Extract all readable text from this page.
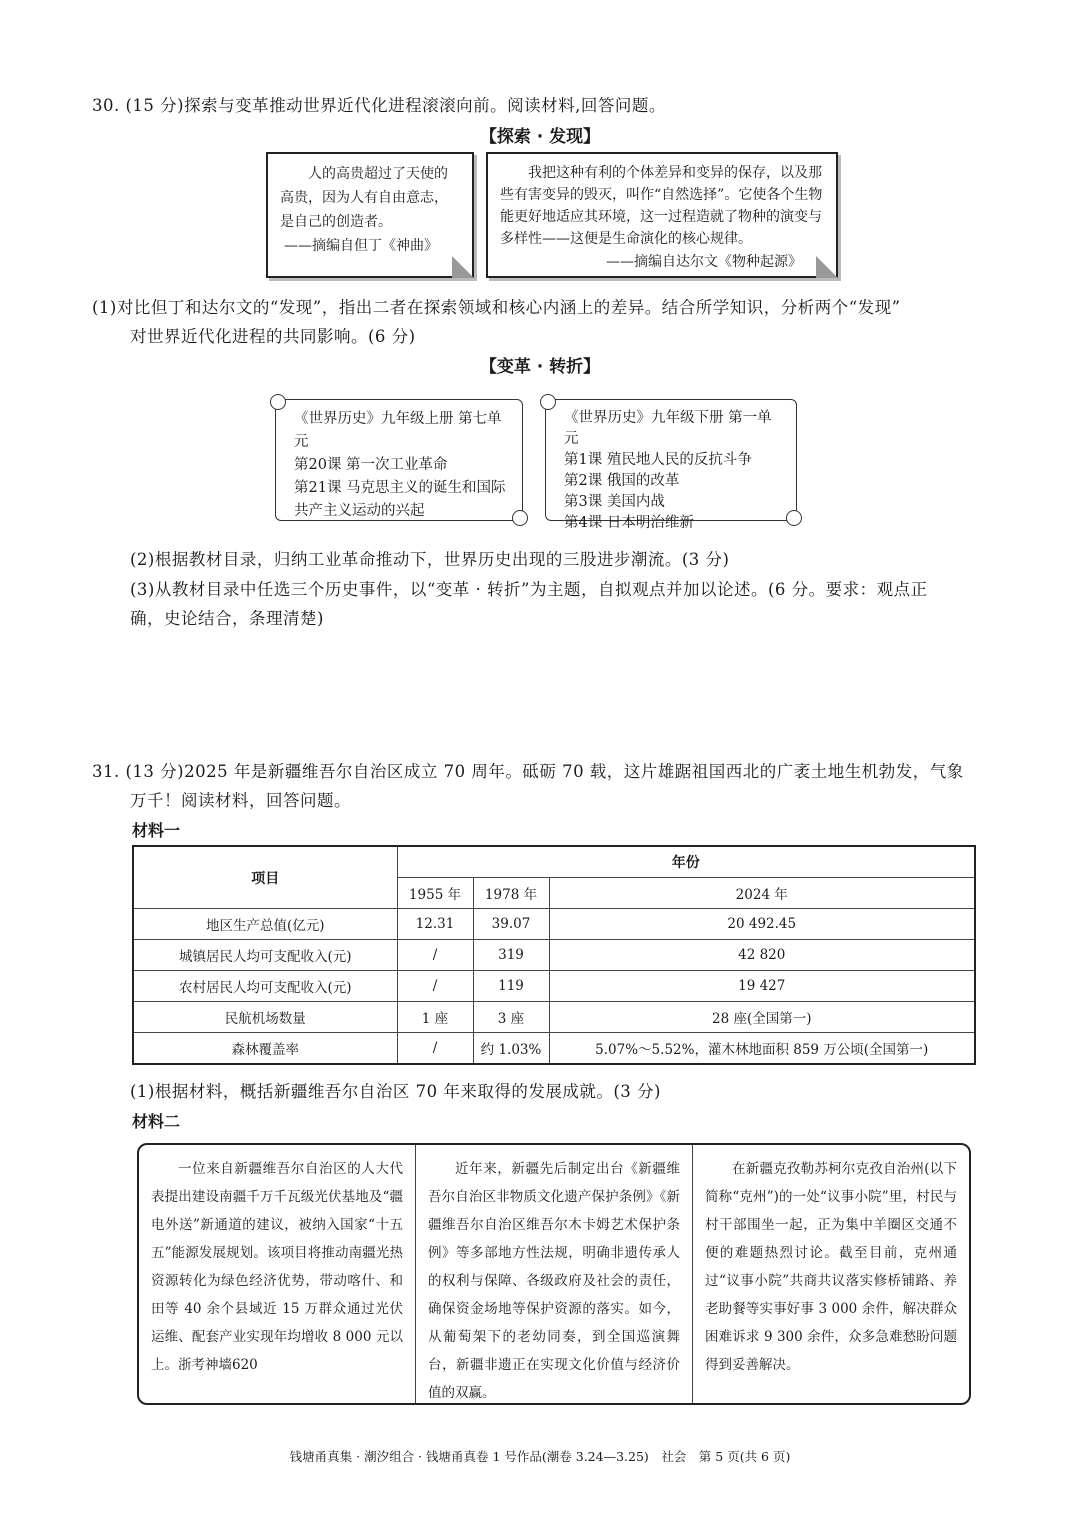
30. (15 分)探索与变革推动世界近代化进程滚滚向前。阅读材料,回答问题。
【探索 · 发现】
人的高贵超过了天使的高贵，因为人有自由意志，是自己的创造者。
——摘编自但丁《神曲》
我把这种有利的个体差异和变异的保存，以及那些有害变异的毁灭，叫作“自然选择”。它使各个生物能更好地适应其环境，这一过程造就了物种的演变与多样性——这便是生命演化的核心规律。
——摘编自达尔文《物种起源》
(1)对比但丁和达尔文的“发现”，指出二者在探索领域和核心内涵上的差异。结合所学知识，分析两个“发现”
对世界近代化进程的共同影响。(6 分)
【变革 · 转折】
《世界历史》九年级上册 第七单元
第20课 第一次工业革命
第21课 马克思主义的诞生和国际
共产主义运动的兴起
《世界历史》九年级下册 第一单元
第1课 殖民地人民的反抗斗争
第2课 俄国的改革
第3课 美国内战
第4课 日本明治维新
(2)根据教材目录，归纳工业革命推动下，世界历史出现的三股进步潮流。(3 分)
(3)从教材目录中任选三个历史事件，以“变革 · 转折”为主题，自拟观点并加以论述。(6 分。要求：观点正
确，史论结合，条理清楚)
31. (13 分)2025 年是新疆维吾尔自治区成立 70 周年。砥砺 70 载，这片雄踞祖国西北的广袤土地生机勃发，气象
万千！阅读材料，回答问题。
材料一
项目	年份		
	1955 年	1978 年	2024 年
地区生产总值(亿元)	12.31	39.07	20 492.45
城镇居民人均可支配收入(元)	/	319	42 820
农村居民人均可支配收入(元)	/	119	19 427
民航机场数量	1 座	3 座	28 座(全国第一)
森林覆盖率	/	约 1.03%	5.07%～5.52%，灌木林地面积 859 万公顷(全国第一)
(1)根据材料，概括新疆维吾尔自治区 70 年来取得的发展成就。(3 分)
材料二

一位来自新疆维吾尔自治区的人大代表提出建设南疆千万千瓦级光伏基地及“疆电外送”新通道的建议，被纳入国家“十五五”能源发展规划。该项目将推动南疆光热资源转化为绿色经济优势，带动喀什、和田等 40 余个县域近 15 万群众通过光伏运维、配套产业实现年均增收 8 000 元以上。浙考神墙620

近年来，新疆先后制定出台《新疆维吾尔自治区非物质文化遗产保护条例》《新疆维吾尔自治区维吾尔木卡姆艺术保护条例》等多部地方性法规，明确非遗传承人的权利与保障、各级政府及社会的责任，确保资金场地等保护资源的落实。如今，从葡萄架下的老幼同奏，到全国巡演舞台，新疆非遗正在实现文化价值与经济价值的双赢。

在新疆克孜勒苏柯尔克孜自治州(以下简称“克州”)的一处“议事小院”里，村民与村干部围坐一起，正为集中羊圈区交通不便的难题热烈讨论。截至目前，克州通过“议事小院”共商共议落实修桥铺路、养老助餐等实事好事 3 000 余件，解决群众困难诉求 9 300 余件，众多急难愁盼问题得到妥善解决。

钱塘甬真集 · 潮汐组合 · 钱塘甬真卷 1 号作品(潮卷 3.24—3.25)　社会　第 5 页(共 6 页)
